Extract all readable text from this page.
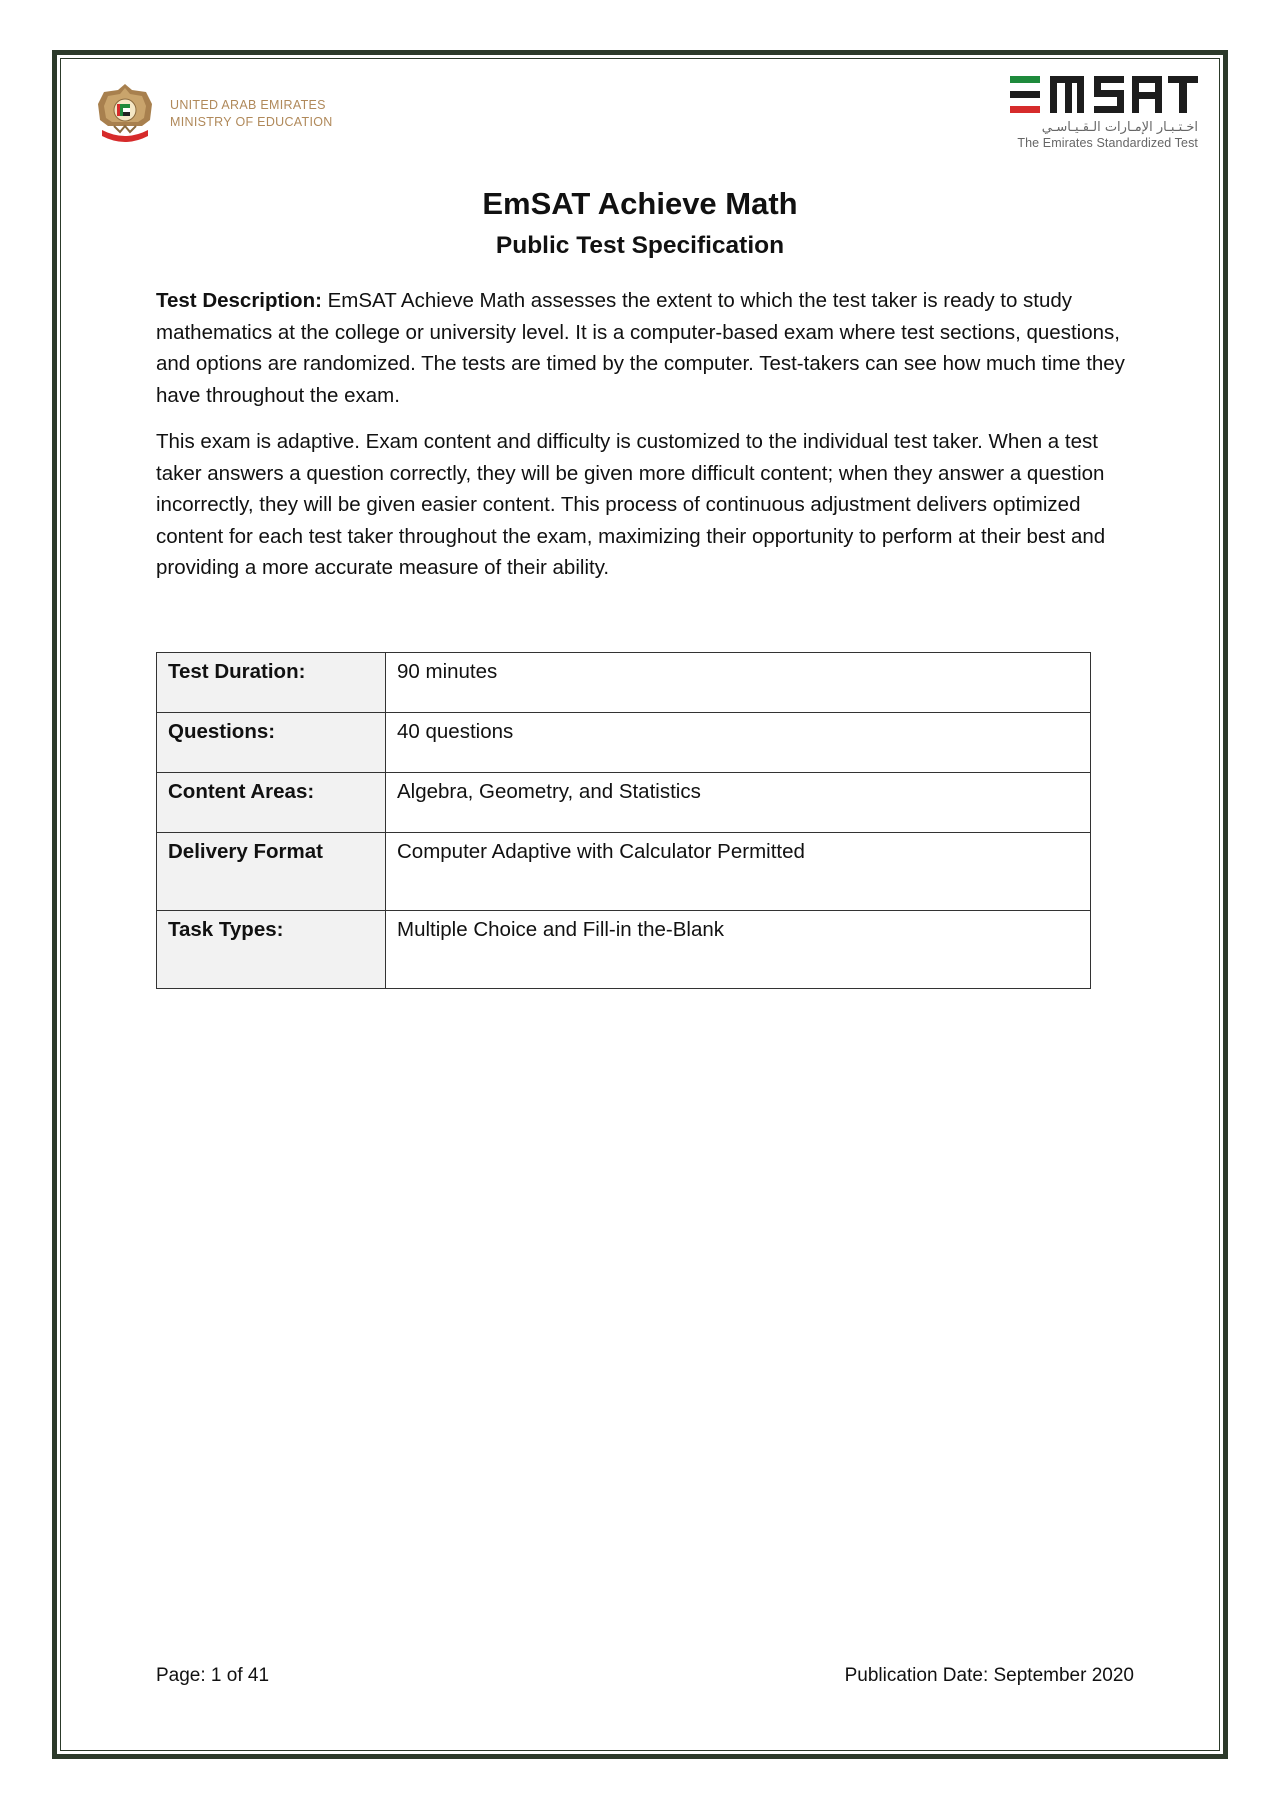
UNITED ARAB EMIRATES
MINISTRY OF EDUCATION	اخـتـبـار الإمـارات الـقـيـاسـي
The Emirates Standardized Test
EmSAT Achieve Math
Public Test Specification

Test Description: EmSAT Achieve Math assesses the extent to which the test taker is ready to study mathematics at the college or university level. It is a computer-based exam where test sections, questions, and options are randomized. The tests are timed by the computer. Test-takers can see how much time they have throughout the exam.

This exam is adaptive. Exam content and difficulty is customized to the individual test taker. When a test taker answers a question correctly, they will be given more difficult content; when they answer a question incorrectly, they will be given easier content. This process of continuous adjustment delivers optimized content for each test taker throughout the exam, maximizing their opportunity to perform at their best and providing a more accurate measure of their ability.

Test Duration:	90 minutes
Questions:	40 questions
Content Areas:	Algebra, Geometry, and Statistics
Delivery Format	Computer Adaptive with Calculator Permitted
Task Types:	Multiple Choice and Fill-in the-Blank
Page: 1 of 41	Publication Date: September 2020
